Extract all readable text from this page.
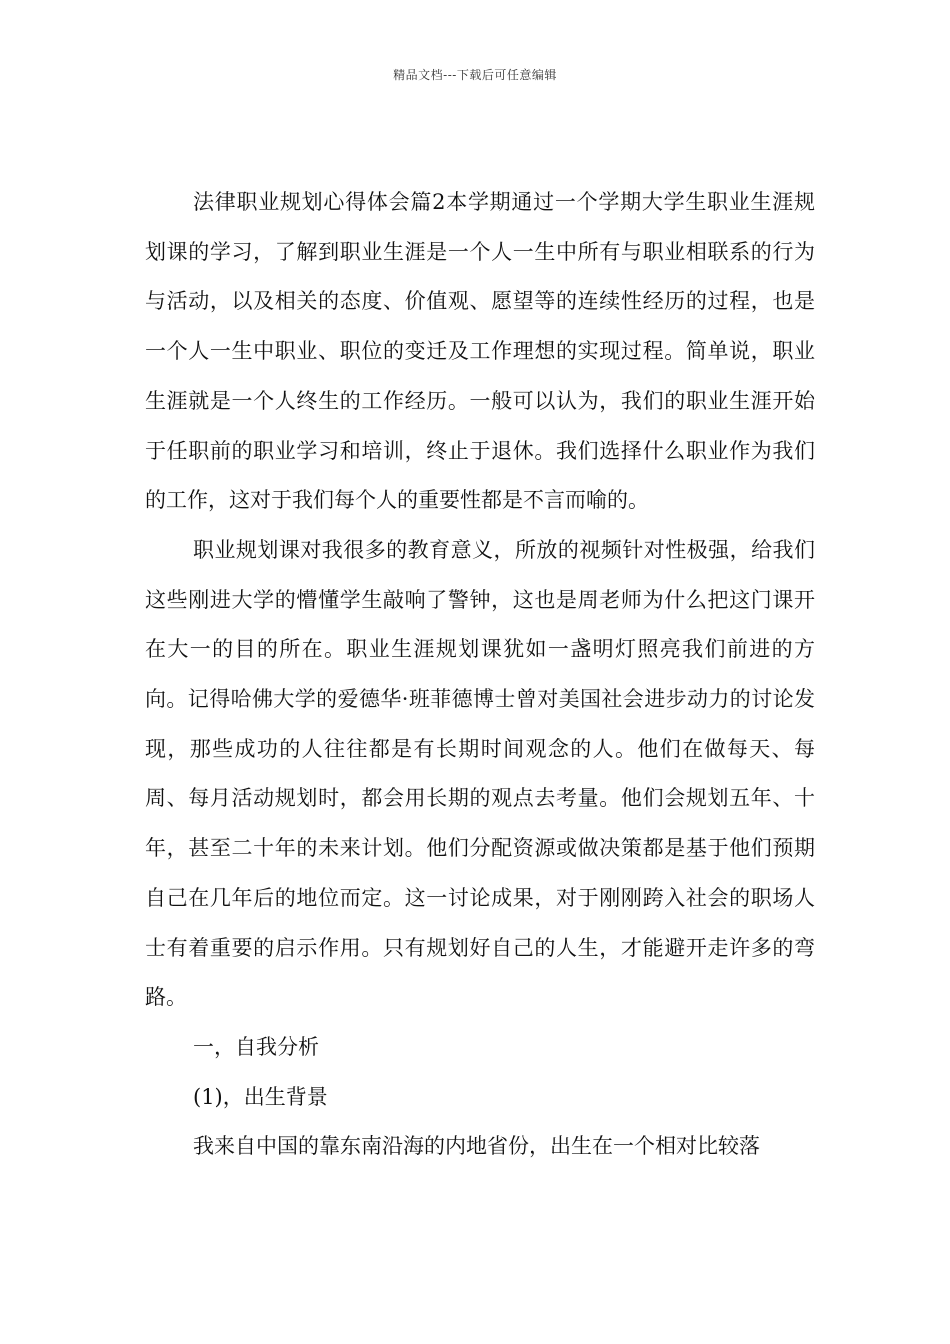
精品文档---下载后可任意编辑

法律职业规划心得体会篇2本学期通过一个学期大学生职业生涯规划课的学习，了解到职业生涯是一个人一生中所有与职业相联系的行为与活动，以及相关的态度、价值观、愿望等的连续性经历的过程，也是一个人一生中职业、职位的变迁及工作理想的实现过程。简单说，职业生涯就是一个人终生的工作经历。一般可以认为，我们的职业生涯开始于任职前的职业学习和培训，终止于退休。我们选择什么职业作为我们的工作，这对于我们每个人的重要性都是不言而喻的。

职业规划课对我很多的教育意义，所放的视频针对性极强，给我们这些刚进大学的懵懂学生敲响了警钟，这也是周老师为什么把这门课开在大一的目的所在。职业生涯规划课犹如一盏明灯照亮我们前进的方向。记得哈佛大学的爱德华·班菲德博士曾对美国社会进步动力的讨论发现，那些成功的人往往都是有长期时间观念的人。他们在做每天、每周、每月活动规划时，都会用长期的观点去考量。他们会规划五年、十年，甚至二十年的未来计划。他们分配资源或做决策都是基于他们预期自己在几年后的地位而定。这一讨论成果，对于刚刚跨入社会的职场人士有着重要的启示作用。只有规划好自己的人生，才能避开走许多的弯路。

一，自我分析

(1)，出生背景

我来自中国的靠东南沿海的内地省份，出生在一个相对比较落
